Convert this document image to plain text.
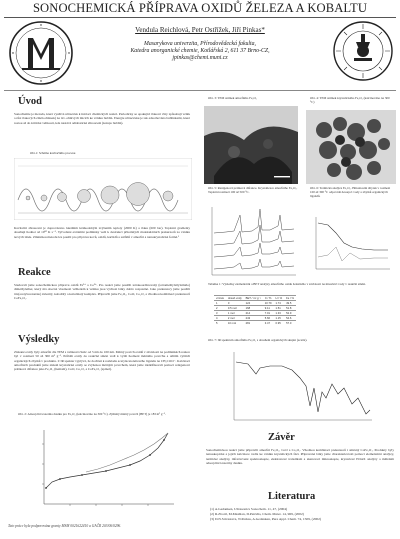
SONOCHEMICKÁ PŘÍPRAVA OXIDŮ ŽELEZA A KOBALTU
Vendula Reichlová, Petr Ostřížek, Jiří Pinkas*
Masarykova univerzita, Přírodovědecká fakulta,
Katedra anorganické chemie, Kotlářská 2, 611 37 Brno-CZ,
jpinkas@chemi.muni.cz
Úvod
Sonochemie je metoda, která využívá ultrazvuk k iniciaci chemických reakcí. Periodicky se opakující tlakové vlny způsobují vznik a růst tlakových změn ohnisek) na tzv. ohnivých micích ke vzniku bublin. Energie ultrazvuku je tak adsorbována bublinkami, které rostou až do kritické velikosti, kde nastává adiabatické zhroucení (kolaps bublin).
Obr.1: Schéma kavitačního procesu
Kavitační zhroucení je doprovázeno lokálním krátkodobým zvýšením teploty (2000 K) a tlaku (600 bar). Teplotní gradienty dosahují hodnot až 10¹⁰ K s⁻¹. Vytvořené extrémní podmínky vedí k destrukci přítomných molekulárních prekurzorů za vzniku nových látek. Zmíněnou metodu lze použít pro přípravu kovů, oxidů, karbidů a sulfidů v amorfní a nanokrystalické formě.¹
Reakce
Studovali jsme sonochemickou přípravu oxidů Fe²⁺ a Co²⁺. Pro reakci jsme použili tetrakoordinovaný (tetramethylsilylamido) dimethylether, který má obecné vlastnosti vzhledem k vzniku jsou výchozí látky dobře rozpustné. Jako prekurzory jsme použili tris(acetylacetonáto) železitý, kobaltitý a kobaltnatý komplex. Připravili jsme Fe₂O₃, CoO, Co₃O₄ a vhodnou kombinací prekurzorů CoFe₂O₄.
Výsledky
Získané oxidy byly amorfní dle TEM s velikostí částic od 5 nm do 100 nm. Měrný povrch oxidů v závislosti na podmínkách reakce byl v rozmezí 50 až 300 m² g⁻¹. Průběh oxidy do reakčně směsi vedl k vyšší hodnotě měrného povrchu a užitím vyšších organických zbytků v produktu. Z IR spekter vyplývá, že dochází k rozkladu acetylacetonátového ligandu na CH₃COO⁻. Kalcinací amorfních produktů jsme získali krystalické oxidy se zvýšenou měrným povrchem, které jsme identifikovali pomocí rentgenové práškové difrakce jako Fe₂O₃ (hematit), CoO, Co₃O₄ a CoFe₂O₄ (spinel).
Obr. 2: Adsorpční izoterma dusíku pro Fe₂O₃ (kalcinováno na 300 °C). Zjištěný měrný povrch (BET) je 183 m² g⁻¹.
Tato práce byla podporována granty MSM 0021622410 a GAČR 203/06/0296.
Obr. 3: TEM snímek amorfního Fe₂O₃	Obr. 4: TEM snímek krystalického Fe₂O₃ (kalcinováno na 300 °C)
Obr. 5: Rentgenová prášková difrakce. Krystalizace amorfního Fe₂O₃. Teplotní rozmezí 100 až 500 °C.
Obr. 6: Termická analýza Fe₂O₃. Hmotnostní úbytek v rozmezí 100 až 300 °C odpovídá desorpci vody a zbytků organických ligandů.
Tabulka 1: Výsledky elementární a BET analýzy amorfního oxidu železitého v závislosti na množství vody v reakční směsi.
vzorek	obsah vody	BET / m² g⁻¹	C / %	H / %	Fe / %
1	0	124	10.79	1.74	49.5
2	0.5 mol	168	9.11	1.51	51.8
3	1 mol	214	7.01	1.33	52.9
4	2 mol	243	5.66	1.15	54.6
5	10 mol	281	3.47	0.95	57.0
Obr. 7: IR spektrum amorfního Fe₂O₃ s obsahem organických skupin (acetát).
Závěr
Sonochemickou reakcí jsme připravili amorfní Fe₂O₃, CoO a Co₃O₄. Vhodnou kombinací prekurzorů i směsný CoFe₂O₄. Produkty byly nanoskopické a jejich kalcinace vedla ke vzniku krystalických fází. Připravené látky jsme charakterizovali pomocí elementární analýzy, termické analýzy, infračervené spektroskopie, elektronové transmisní a skenovací mikroskopie, krystalové EDAX analýzy a měřením adsorpčně izotermy dusíku.
Literatura
(1) A.Gedanken, Ultrasonics Sonochem. 11, 47, (2004)
(2) R.Zboril, M.Mashlan, D.Petridis, Chem. Mater. 14, 969, (2002)
(3) D.N.Srivastava, N.Perkas, A.Gedanken, Pure Appl. Chem. 74, 1509, (2002)
